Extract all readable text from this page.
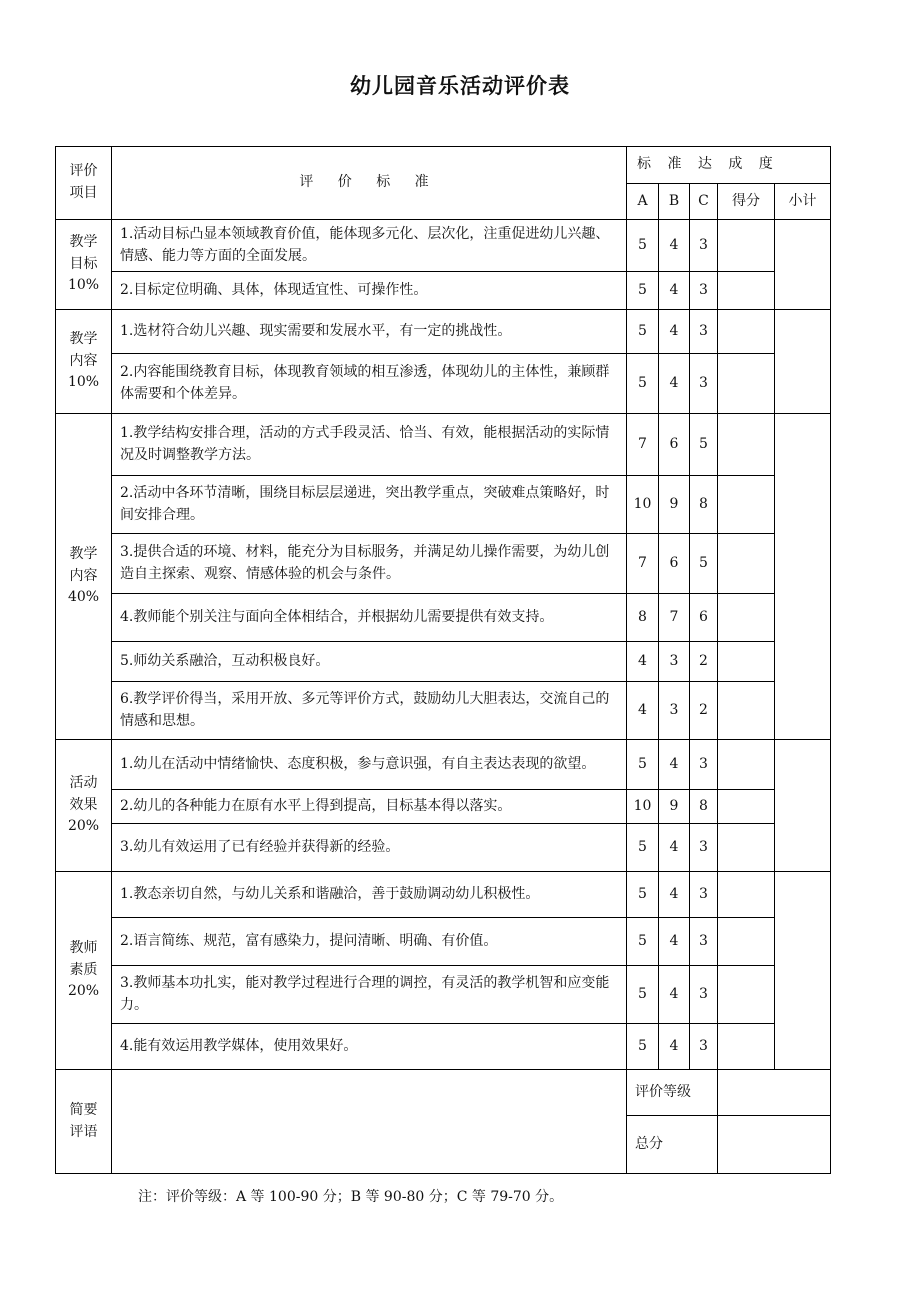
幼儿园音乐活动评价表
评价
项目	评 价 标 准	标 准 达 成 度				
		A	B	C	得分	小计
教学
目标
10%	1.活动目标凸显本领域教育价值，能体现多元化、层次化，注重促进幼儿兴趣、情感、能力等方面的全面发展。	5	4	3		
	2.目标定位明确、具体，体现适宜性、可操作性。	5	4	3		
教学
内容
10%	1.选材符合幼儿兴趣、现实需要和发展水平，有一定的挑战性。	5	4	3		
	2.内容能围绕教育目标，体现教育领域的相互渗透，体现幼儿的主体性，兼顾群体需要和个体差异。	5	4	3		
教学
内容
40%	1.教学结构安排合理，活动的方式手段灵活、恰当、有效，能根据活动的实际情况及时调整教学方法。	7	6	5		
	2.活动中各环节清晰，围绕目标层层递进，突出教学重点，突破难点策略好，时间安排合理。	10	9	8		
	3.提供合适的环境、材料，能充分为目标服务，并满足幼儿操作需要，为幼儿创造自主探索、观察、情感体验的机会与条件。	7	6	5		
	4.教师能个别关注与面向全体相结合，并根据幼儿需要提供有效支持。	8	7	6		
	5.师幼关系融洽，互动积极良好。	4	3	2		
	6.教学评价得当，采用开放、多元等评价方式，鼓励幼儿大胆表达，交流自己的情感和思想。	4	3	2		
活动
效果
20%	1.幼儿在活动中情绪愉快、态度积极，参与意识强，有自主表达表现的欲望。	5	4	3		
	2.幼儿的各种能力在原有水平上得到提高，目标基本得以落实。	10	9	8		
	3.幼儿有效运用了已有经验并获得新的经验。	5	4	3		
教师
素质
20%	1.教态亲切自然，与幼儿关系和谐融洽，善于鼓励调动幼儿积极性。	5	4	3		
	2.语言简练、规范，富有感染力，提问清晰、明确、有价值。	5	4	3		
	3.教师基本功扎实，能对教学过程进行合理的调控，有灵活的教学机智和应变能力。	5	4	3		
	4.能有效运用教学媒体，使用效果好。	5	4	3		
简要
评语		评价等级				
		总分				
注：评价等级：A 等 100-90 分；B 等 90-80 分；C 等 79-70 分。
